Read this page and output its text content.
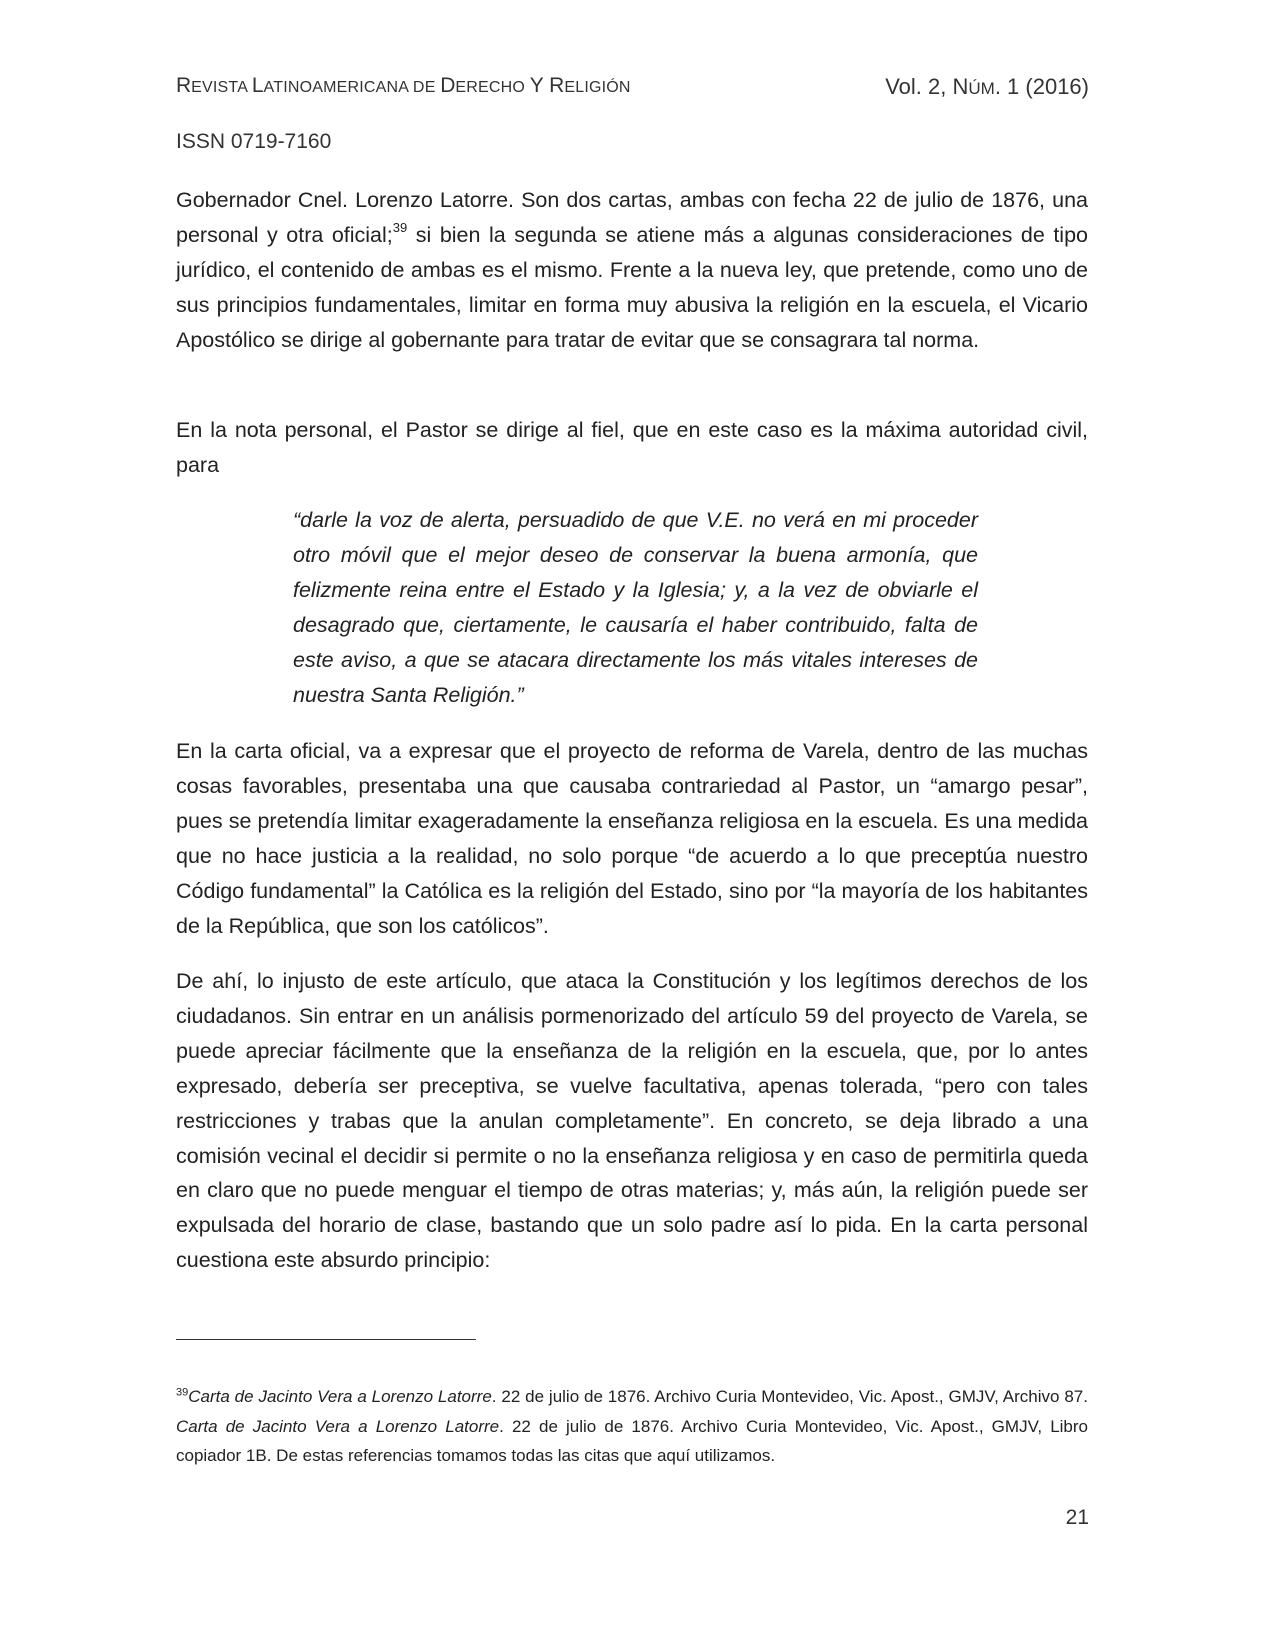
REVISTA LATINOAMERICANA DE DERECHO Y RELIGIÓN	Vol. 2, NÚM. 1 (2016)
ISSN 0719-7160

Gobernador Cnel. Lorenzo Latorre. Son dos cartas, ambas con fecha 22 de julio de 1876, una personal y otra oficial;$^{39}$ si bien la segunda se atiene más a algunas consideraciones de tipo jurídico, el contenido de ambas es el mismo. Frente a la nueva ley, que pretende, como uno de sus principios fundamentales, limitar en forma muy abusiva la religión en la escuela, el Vicario Apostólico se dirige al gobernante para tratar de evitar que se consagrara tal norma.

En la nota personal, el Pastor se dirige al fiel, que en este caso es la máxima autoridad civil, para

“darle la voz de alerta, persuadido de que V.E. no verá en mi proceder otro móvil que el mejor deseo de conservar la buena armonía, que felizmente reina entre el Estado y la Iglesia; y, a la vez de obviarle el desagrado que, ciertamente, le causaría el haber contribuido, falta de este aviso, a que se atacara directamente los más vitales intereses de nuestra Santa Religión.”

En la carta oficial, va a expresar que el proyecto de reforma de Varela, dentro de las muchas cosas favorables, presentaba una que causaba contrariedad al Pastor, un “amargo pesar”, pues se pretendía limitar exageradamente la enseñanza religiosa en la escuela. Es una medida que no hace justicia a la realidad, no solo porque “de acuerdo a lo que preceptúa nuestro Código fundamental” la Católica es la religión del Estado, sino por “la mayoría de los habitantes de la República, que son los católicos”.

De ahí, lo injusto de este artículo, que ataca la Constitución y los legítimos derechos de los ciudadanos. Sin entrar en un análisis pormenorizado del artículo 59 del proyecto de Varela, se puede apreciar fácilmente que la enseñanza de la religión en la escuela, que, por lo antes expresado, debería ser preceptiva, se vuelve facultativa, apenas tolerada, “pero con tales restricciones y trabas que la anulan completamente”. En concreto, se deja librado a una comisión vecinal el decidir si permite o no la enseñanza religiosa y en caso de permitirla queda en claro que no puede menguar el tiempo de otras materias; y, más aún, la religión puede ser expulsada del horario de clase, bastando que un solo padre así lo pida. En la carta personal cuestiona este absurdo principio:

$^{39}$Carta de Jacinto Vera a Lorenzo Latorre. 22 de julio de 1876. Archivo Curia Montevideo, Vic. Apost., GMJV, Archivo 87. Carta de Jacinto Vera a Lorenzo Latorre. 22 de julio de 1876. Archivo Curia Montevideo, Vic. Apost., GMJV, Libro copiador 1B. De estas referencias tomamos todas las citas que aquí utilizamos.

21
